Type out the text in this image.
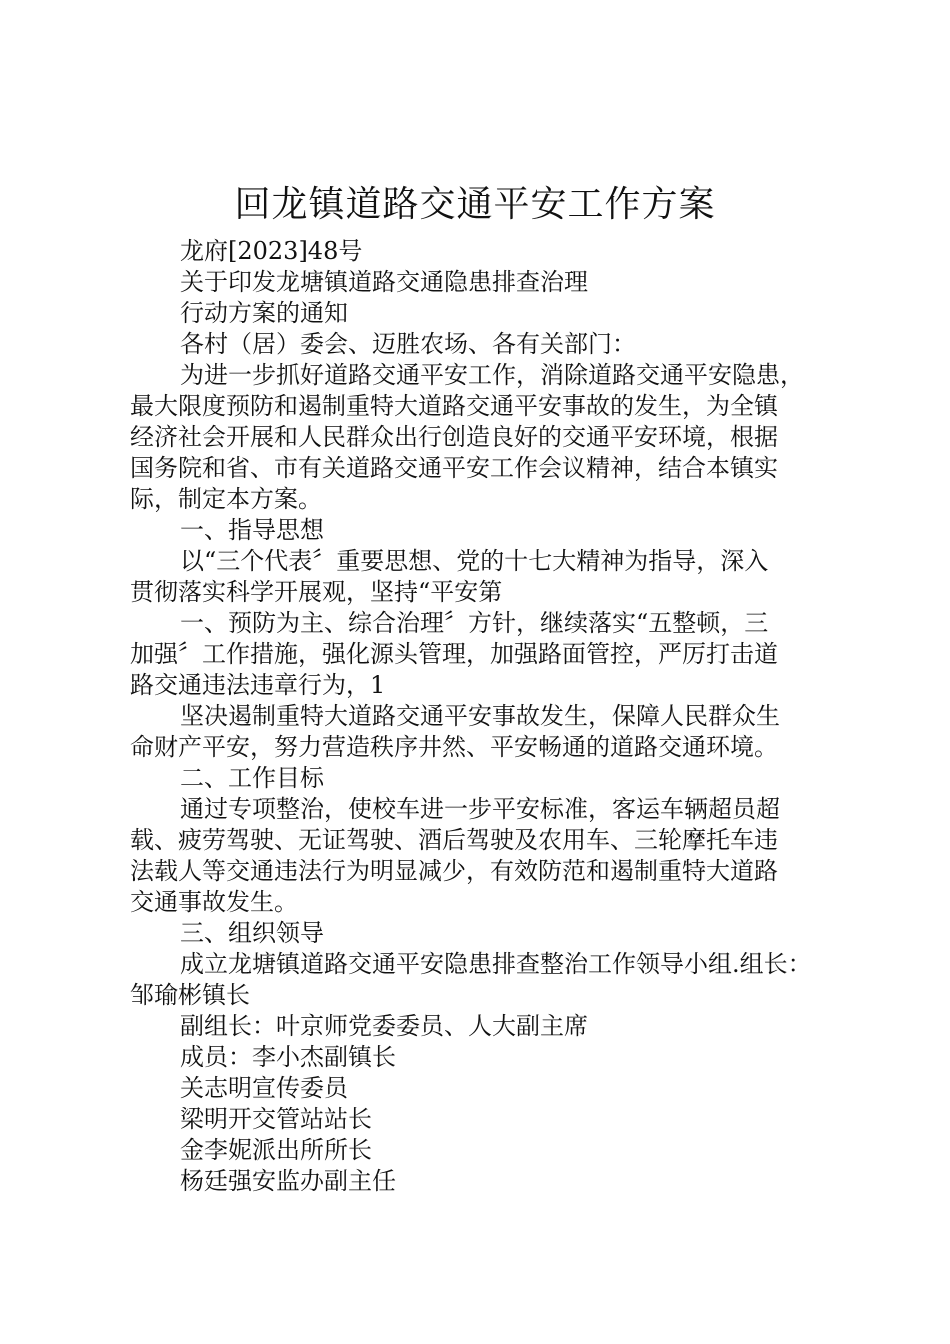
回龙镇道路交通平安工作方案

龙府[2023]48号

关于印发龙塘镇道路交通隐患排查治理

行动方案的通知

各村（居）委会、迈胜农场、各有关部门：

为进一步抓好道路交通平安工作，消除道路交通平安隐患，

最大限度预防和遏制重特大道路交通平安事故的发生，为全镇

经济社会开展和人民群众出行创造良好的交通平安环境，根据

国务院和省、市有关道路交通平安工作会议精神，结合本镇实

际，制定本方案。

一、指导思想

以“三个代表〞重要思想、党的十七大精神为指导，深入

贯彻落实科学开展观，坚持“平安第

一、预防为主、综合治理〞方针，继续落实“五整顿，三

加强〞工作措施，强化源头管理，加强路面管控，严厉打击道

路交通违法违章行为，1

坚决遏制重特大道路交通平安事故发生，保障人民群众生

命财产平安，努力营造秩序井然、平安畅通的道路交通环境。

二、工作目标

通过专项整治，使校车进一步平安标准，客运车辆超员超

载、疲劳驾驶、无证驾驶、酒后驾驶及农用车、三轮摩托车违

法载人等交通违法行为明显减少，有效防范和遏制重特大道路

交通事故发生。

三、组织领导

成立龙塘镇道路交通平安隐患排查整治工作领导小组.组长：

邹瑜彬镇长

副组长：叶京师党委委员、人大副主席

成员：李小杰副镇长

关志明宣传委员

梁明开交管站站长

金李妮派出所所长

杨廷强安监办副主任
